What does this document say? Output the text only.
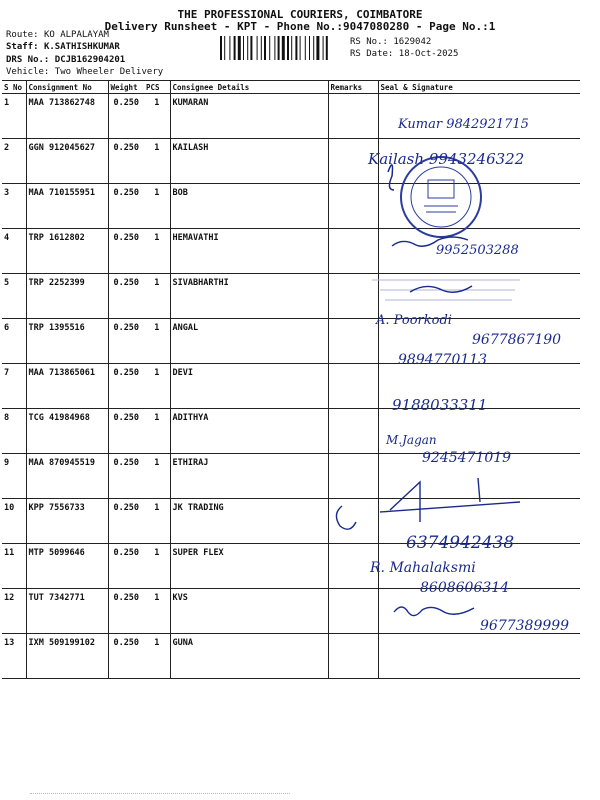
THE PROFESSIONAL COURIERS, COIMBATORE
Delivery Runsheet - KPT - Phone No.:9047080280 - Page No.:1
Route: KO ALPALAYAM
Staff: K.SATHISHKUMAR
DRS No.: DCJB162904201
Vehicle: Two Wheeler Delivery
RS No.: 1629042
RS Date: 18-Oct-2025
S No	Consignment No	Weight	PCS	Consignee Details	Remarks	Seal & Signature
1	MAA 713862748	0.250	1	KUMARAN		
2	GGN 912045627	0.250	1	KAILASH		
3	MAA 710155951	0.250	1	BOB		
4	TRP 1612802	0.250	1	HEMAVATHI		
5	TRP 2252399	0.250	1	SIVABHARTHI		
6	TRP 1395516	0.250	1	ANGAL		
7	MAA 713865061	0.250	1	DEVI		
8	TCG 41984968	0.250	1	ADITHYA		
9	MAA 870945519	0.250	1	ETHIRAJ		
10	KPP 7556733	0.250	1	JK TRADING		
11	MTP 5099646	0.250	1	SUPER FLEX		
12	TUT 7342771	0.250	1	KVS		
13	IXM 509199102	0.250	1	GUNA		
Kumar 9842921715
Kailash 9943246322
9952503288
A. Poorkodi
9677867190
9894770113
9188033311
M.Jagan
9245471019
6374942438
R. Mahalaksmi
8608606314
9677389999
